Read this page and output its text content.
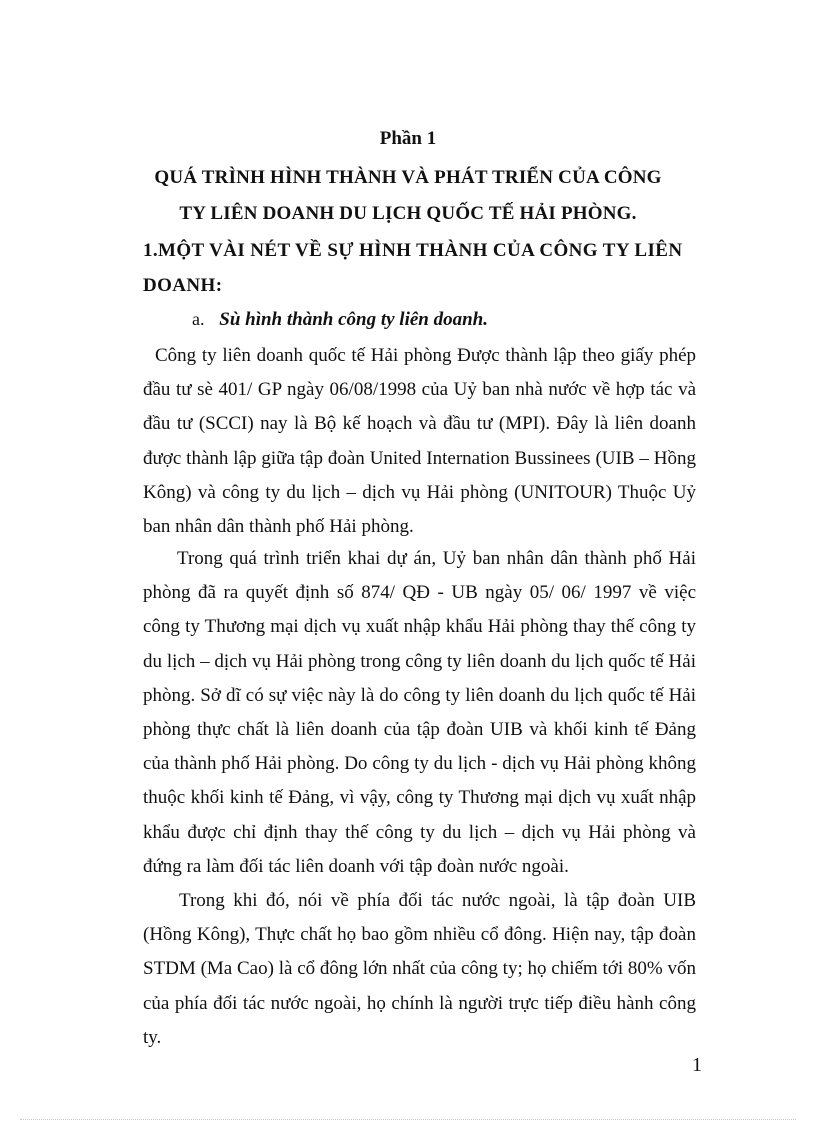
Phần 1
QUÁ TRÌNH HÌNH THÀNH VÀ PHÁT TRIỂN CỦA CÔNG
TY LIÊN DOANH DU LỊCH QUỐC TẾ HẢI PHÒNG.
1.MỘT VÀI NÉT VỀ SỰ HÌNH THÀNH CỦA CÔNG TY LIÊN
DOANH:
a. Sù hình thành công ty liên doanh.

Công ty liên doanh quốc tế Hải phòng Được thành lập theo giấy phép đầu tư sè 401/ GP ngày 06/08/1998 của Uỷ ban nhà nước về hợp tác và đầu tư (SCCI) nay là Bộ kế hoạch và đầu tư (MPI). Đây là liên doanh được thành lập giữa tập đoàn United Internation Bussinees (UIB – Hồng Kông) và công ty du lịch – dịch vụ Hải phòng (UNITOUR) Thuộc Uỷ ban nhân dân thành phố Hải phòng.

Trong quá trình triển khai dự án, Uỷ ban nhân dân thành phố Hải phòng đã ra quyết định số 874/ QĐ - UB ngày 05/ 06/ 1997 về việc công ty Thương mại dịch vụ xuất nhập khẩu Hải phòng thay thế công ty du lịch – dịch vụ Hải phòng trong công ty liên doanh du lịch quốc tế Hải phòng. Sở dĩ có sự việc này là do công ty liên doanh du lịch quốc tế Hải phòng thực chất là liên doanh của tập đoàn UIB và khối kinh tế Đảng của thành phố Hải phòng. Do công ty du lịch - dịch vụ Hải phòng không thuộc khối kinh tế Đảng, vì vậy, công ty Thương mại dịch vụ xuất nhập khẩu được chỉ định thay thế công ty du lịch – dịch vụ Hải phòng và đứng ra làm đối tác liên doanh với tập đoàn nước ngoài.

Trong khi đó, nói về phía đối tác nước ngoài, là tập đoàn UIB (Hồng Kông), Thực chất họ bao gồm nhiều cổ đông. Hiện nay, tập đoàn STDM (Ma Cao) là cổ đông lớn nhất của công ty; họ chiếm tới 80% vốn của phía đối tác nước ngoài, họ chính là người trực tiếp điều hành công ty.

1
